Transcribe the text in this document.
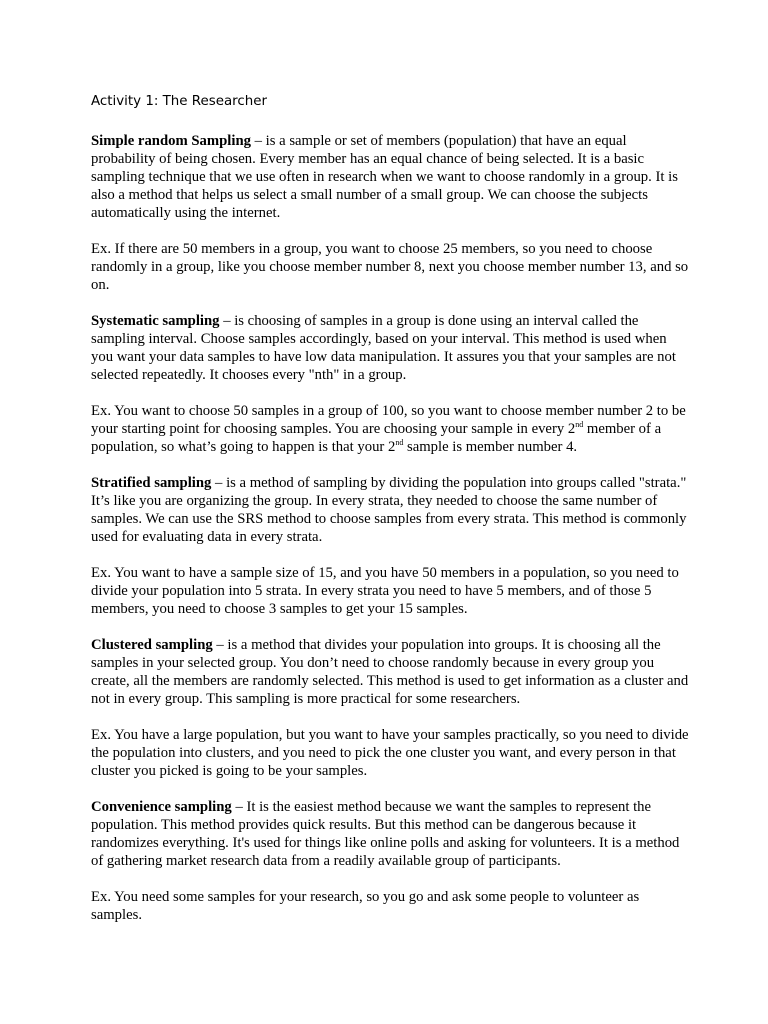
Activity 1: The Researcher

Simple random Sampling – is a sample or set of members (population) that have an equal probability of being chosen. Every member has an equal chance of being selected. It is a basic sampling technique that we use often in research when we want to choose randomly in a group. It is also a method that helps us select a small number of a small group. We can choose the subjects automatically using the internet.

Ex. If there are 50 members in a group, you want to choose 25 members, so you need to choose randomly in a group, like you choose member number 8, next you choose member number 13, and so on.

Systematic sampling – is choosing of samples in a group is done using an interval called the sampling interval. Choose samples accordingly, based on your interval. This method is used when you want your data samples to have low data manipulation. It assures you that your samples are not selected repeatedly. It chooses every "nth" in a group.

Ex. You want to choose 50 samples in a group of 100, so you want to choose member number 2 to be your starting point for choosing samples. You are choosing your sample in every 2nd member of a population, so what’s going to happen is that your 2nd sample is member number 4.

Stratified sampling – is a method of sampling by dividing the population into groups called "strata." It’s like you are organizing the group. In every strata, they needed to choose the same number of samples. We can use the SRS method to choose samples from every strata. This method is commonly used for evaluating data in every strata.

Ex. You want to have a sample size of 15, and you have 50 members in a population, so you need to divide your population into 5 strata. In every strata you need to have 5 members, and of those 5 members, you need to choose 3 samples to get your 15 samples.

Clustered sampling – is a method that divides your population into groups. It is choosing all the samples in your selected group. You don’t need to choose randomly because in every group you create, all the members are randomly selected. This method is used to get information as a cluster and not in every group. This sampling is more practical for some researchers.

Ex. You have a large population, but you want to have your samples practically, so you need to divide the population into clusters, and you need to pick the one cluster you want, and every person in that cluster you picked is going to be your samples.

Convenience sampling – It is the easiest method because we want the samples to represent the population. This method provides quick results. But this method can be dangerous because it randomizes everything. It's used for things like online polls and asking for volunteers. It is a method of gathering market research data from a readily available group of participants.

Ex. You need some samples for your research, so you go and ask some people to volunteer as samples.
